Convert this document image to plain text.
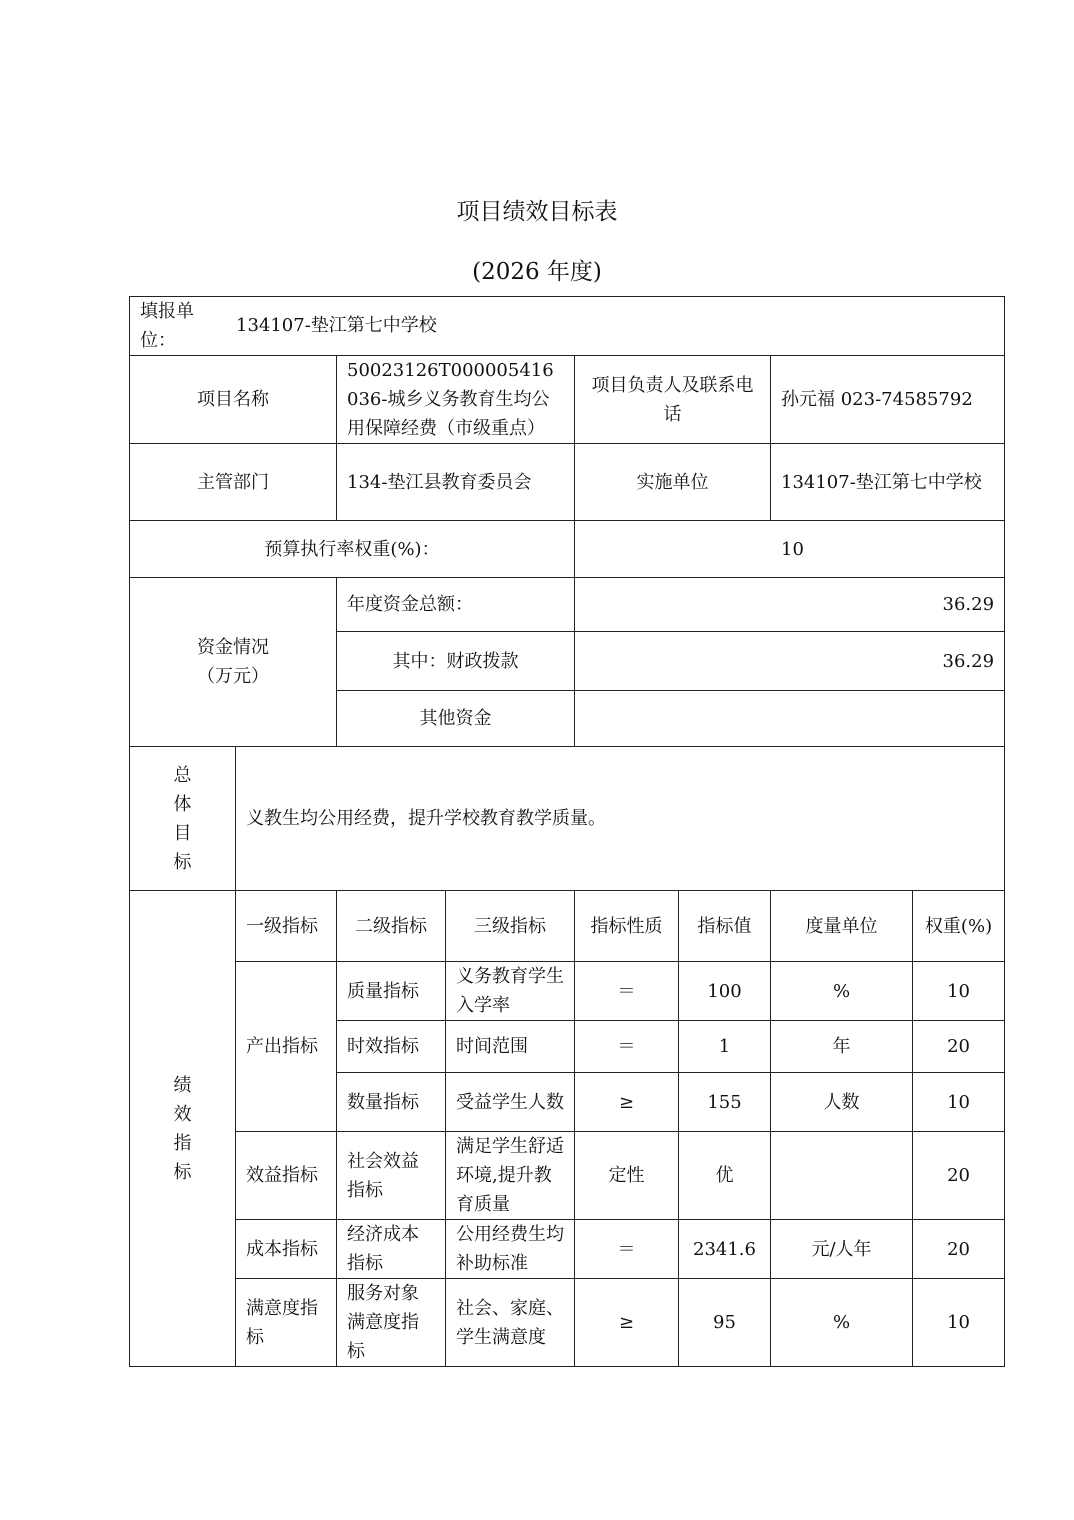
项目绩效目标表
(2026 年度)
填报单位：
134107-垫江第七中学校							

项目名称		50023126T000005416036-城乡义务教育生均公用保障经费（市级重点）		项目负责人及联系电话		孙元福 023-74585792	
主管部门		134-垫江县教育委员会		实施单位		134107-垫江第七中学校	
预算执行率权重(%)：				10			
资金情况
（万元）		年度资金总额：		36.29			
		其中：财政拨款		36.29			
		其他资金					

总
体
目
标	义教生均公用经费，提升学校教育教学质量。						

绩
效
指
标	一级指标	二级指标	三级指标	指标性质	指标值	度量单位	权重(%)
	产出指标	质量指标	义务教育学生入学率	＝	100	%	10
		时效指标	时间范围	＝	1	年	20
		数量指标	受益学生人数	≥	155	人数	10
	效益指标	社会效益指标	满足学生舒适环境,提升教育质量	定性	优		20
	成本指标	经济成本指标	公用经费生均补助标准	＝	2341.6	元/人年	20
	满意度指标	服务对象满意度指标	社会、家庭、学生满意度	≥	95	%	10
